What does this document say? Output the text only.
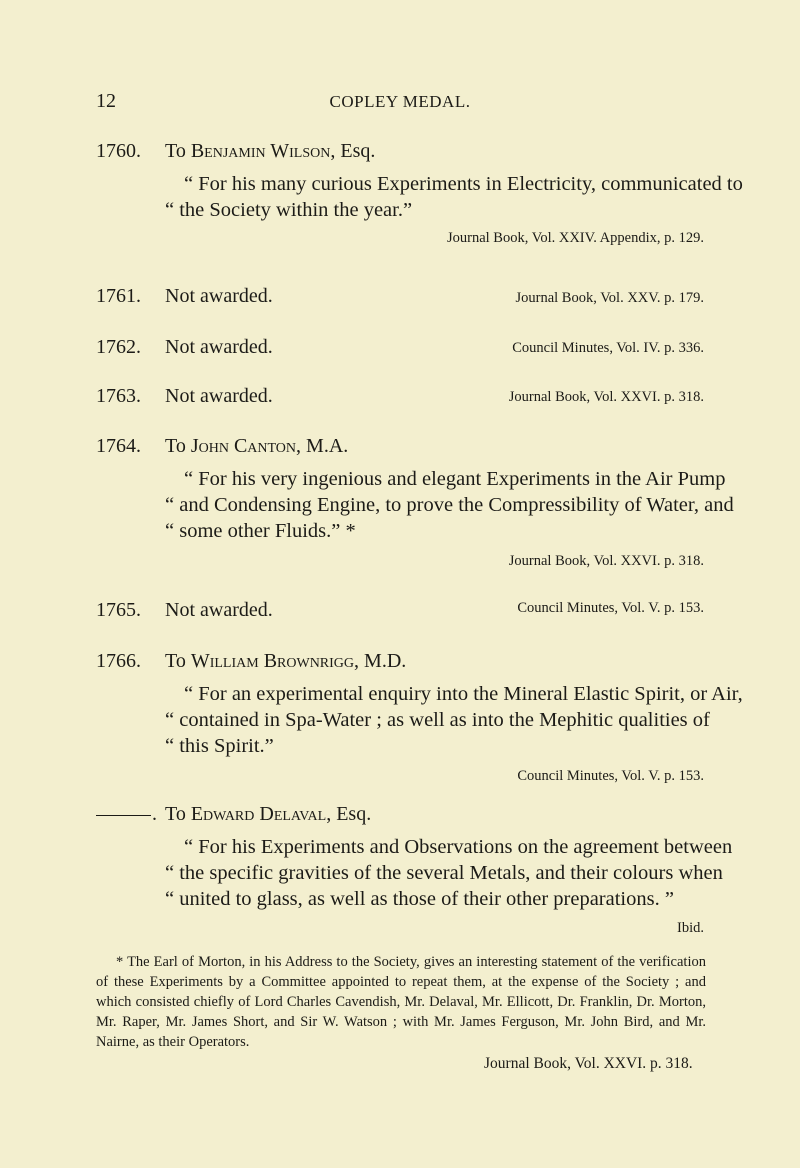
12	COPLEY MEDAL.
1760. To Benjamin Wilson, Esq.
“ For his many curious Experiments in Electricity, communicated to
“ the Society within the year.”
Journal Book, Vol. XXIV. Appendix, p. 129.
1761. Not awarded.	Journal Book, Vol. XXV. p. 179.
1762. Not awarded.	Council Minutes, Vol. IV. p. 336.
1763. Not awarded.	Journal Book, Vol. XXVI. p. 318.
1764. To John Canton, M.A.
“ For his very ingenious and elegant Experiments in the Air Pump
“ and Condensing Engine, to prove the Compressibility of Water, and
“ some other Fluids.” *
Journal Book, Vol. XXVI. p. 318.
1765. Not awarded.	Council Minutes, Vol. V. p. 153.
1766. To William Brownrigg, M.D.
“ For an experimental enquiry into the Mineral Elastic Spirit, or Air,
“ contained in Spa-Water ; as well as into the Mephitic qualities of
“ this Spirit.”
Council Minutes, Vol. V. p. 153.
. To Edward Delaval, Esq.
“ For his Experiments and Observations on the agreement between
“ the specific gravities of the several Metals, and their colours when
“ united to glass, as well as those of their other preparations. ”
Ibid.
* The Earl of Morton, in his Address to the Society, gives an interesting statement of the verification of these Experiments by a Committee appointed to repeat them, at the expense of the Society ; and which consisted chiefly of Lord Charles Cavendish, Mr. Delaval, Mr. Ellicott, Dr. Franklin, Dr. Morton, Mr. Raper, Mr. James Short, and Sir W. Watson ; with Mr. James Ferguson, Mr. John Bird, and Mr. Nairne, as their Operators.
Journal Book, Vol. XXVI. p. 318.
